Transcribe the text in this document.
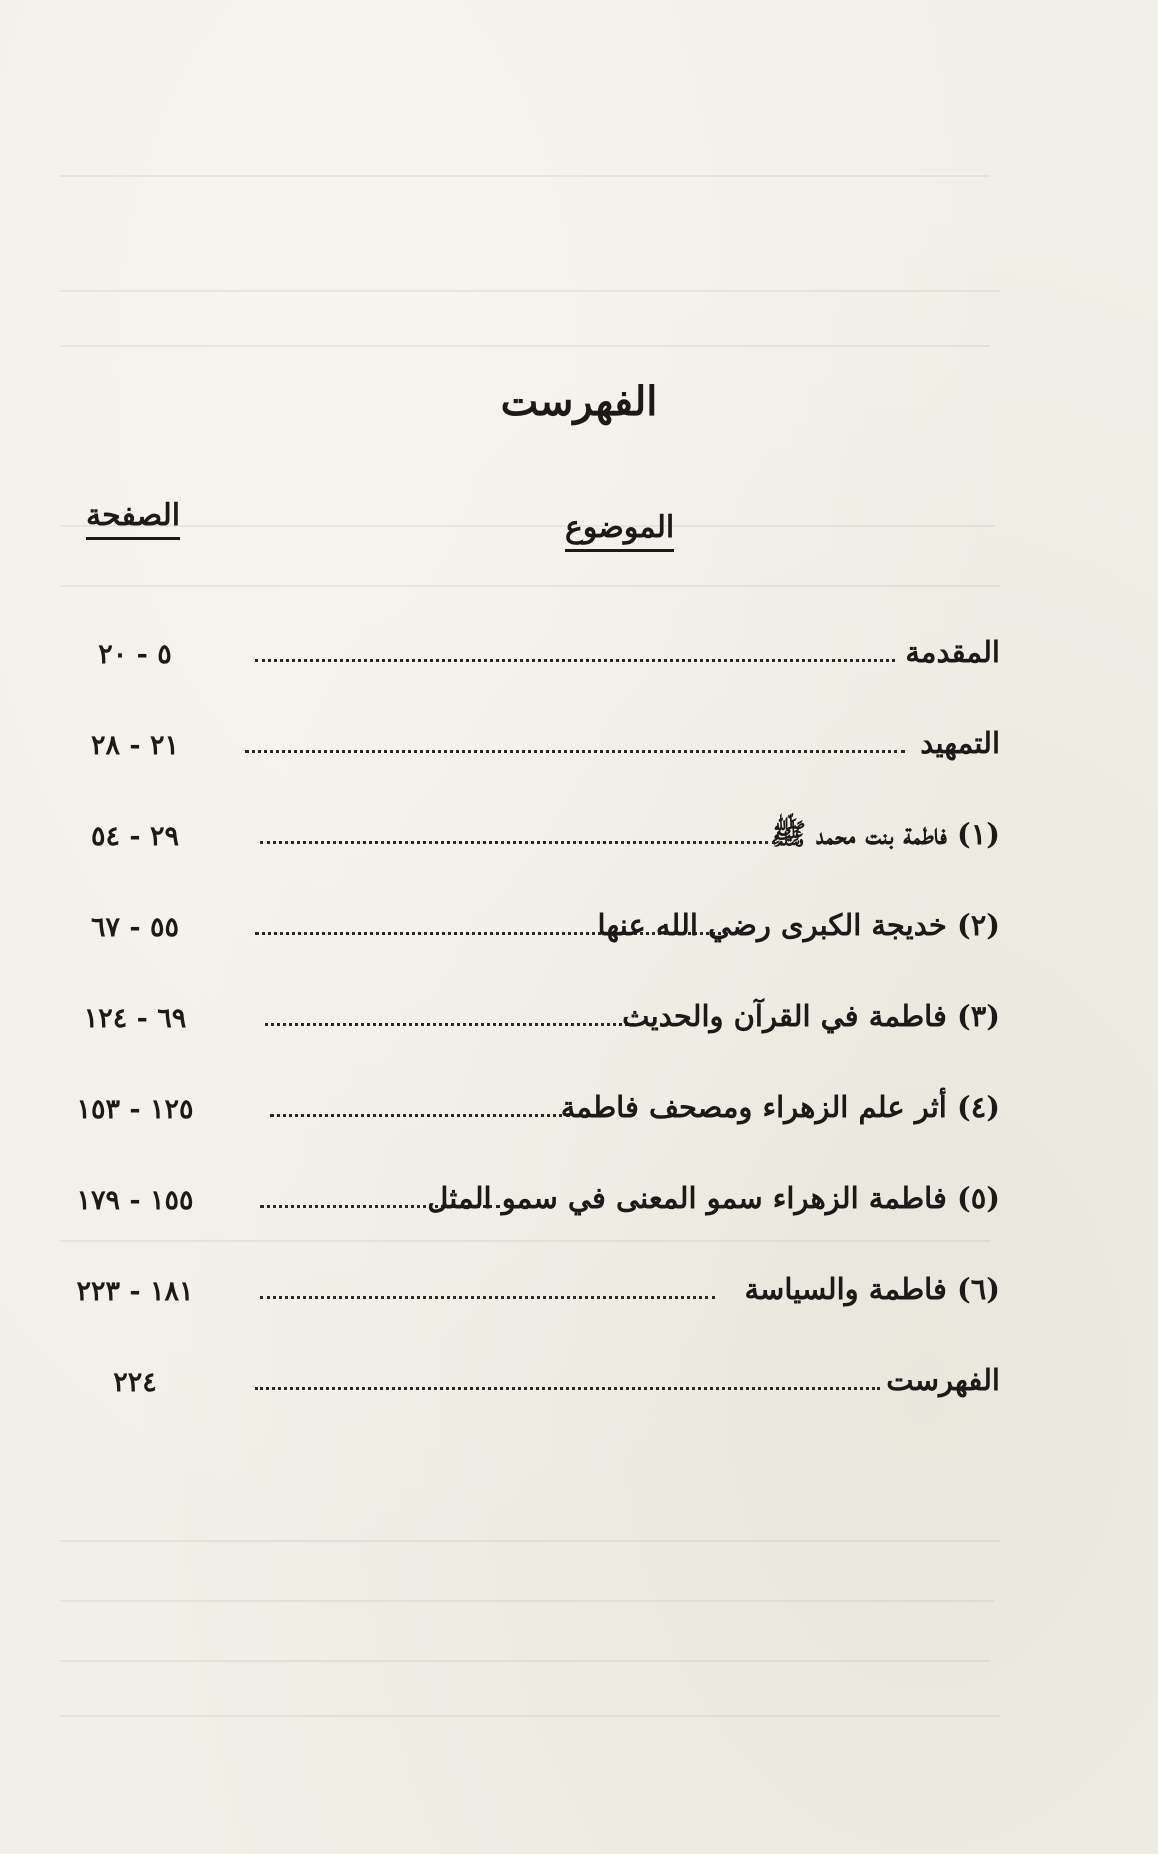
الفهرست
الموضوع
الصفحة
٥ - ٢٠	المقدمة
٢١ - ٢٨	التمهيد
٢٩ - ٥٤	(١) فاطمة بنت محمد ﷺ
٥٥ - ٦٧	(٢) خديجة الكبرى رضي الله عنها
٦٩ - ١٢٤	(٣) فاطمة في القرآن والحديث
١٢٥ - ١٥٣	(٤) أثر علم الزهراء ومصحف فاطمة
١٥٥ - ١٧٩	(٥) فاطمة الزهراء سمو المعنى في سمو المثل
١٨١ - ٢٢٣	(٦) فاطمة والسياسة
٢٢٤	الفهرست
